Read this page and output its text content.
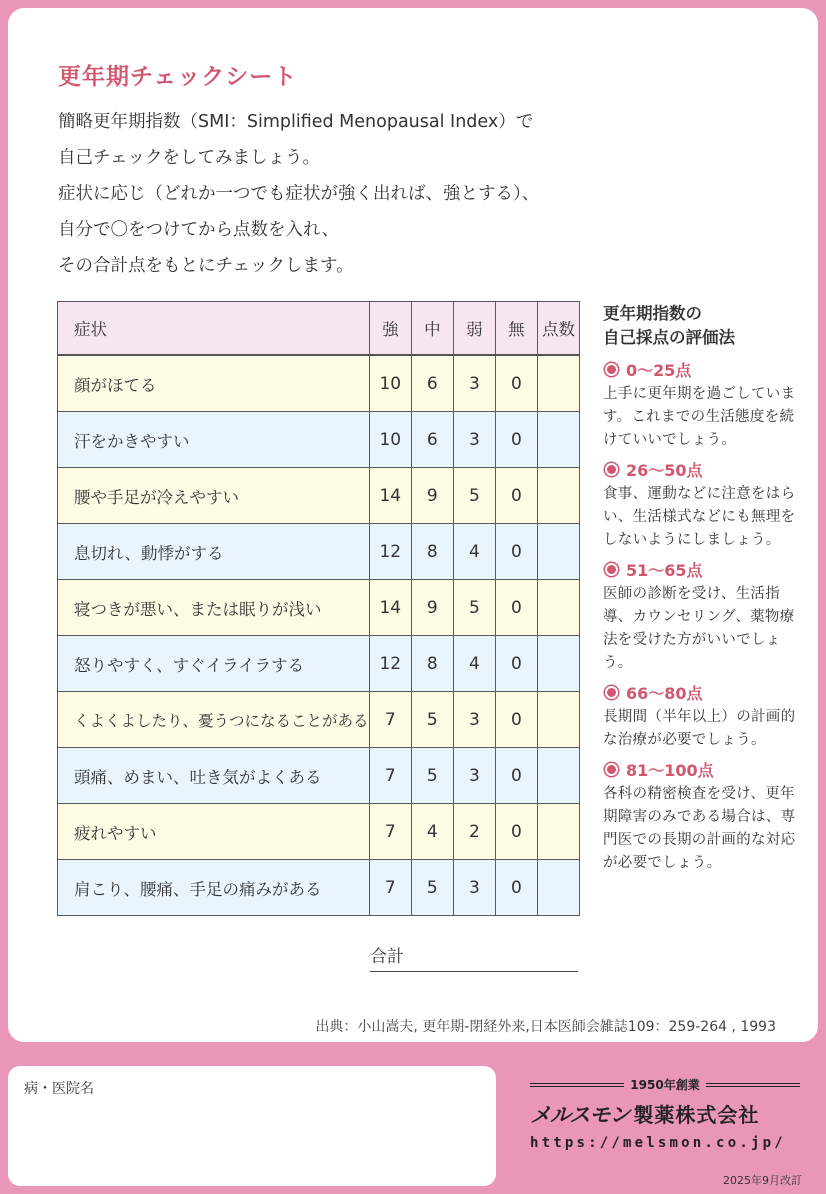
更年期チェックシート
簡略更年期指数（SMI：Simplified Menopausal Index）で
自己チェックをしてみましょう。
症状に応じ（どれか一つでも症状が強く出れば、強とする）、
自分で〇をつけてから点数を入れ、
その合計点をもとにチェックします。
症状	強	中	弱	無	点数
顔がほてる	10	6	3	0	
汗をかきやすい	10	6	3	0	
腰や手足が冷えやすい	14	9	5	0	
息切れ、動悸がする	12	8	4	0	
寝つきが悪い、または眠りが浅い	14	9	5	0	
怒りやすく、すぐイライラする	12	8	4	0	
くよくよしたり、憂うつになることがある	7	5	3	0	
頭痛、めまい、吐き気がよくある	7	5	3	0	
疲れやすい	7	4	2	0	
肩こり、腰痛、手足の痛みがある	7	5	3	0	
合計
更年期指数の
自己採点の評価法
0〜25点
上手に更年期を過ごしています。これまでの生活態度を続けていいでしょう。
26〜50点
食事、運動などに注意をはらい、生活様式などにも無理をしないようにしましょう。
51〜65点
医師の診断を受け、生活指導、カウンセリング、薬物療法を受けた方がいいでしょう。
66〜80点
長期間（半年以上）の計画的な治療が必要でしょう。
81〜100点
各科の精密検査を受け、更年期障害のみである場合は、専門医での長期の計画的な対応が必要でしょう。
出典：小山嵩夫, 更年期-閉経外来,日本医師会雑誌109：259-264 , 1993
病・医院名	1950年創業
メルスモン 製薬株式会社
https://melsmon.co.jp/
2025年9月改訂
